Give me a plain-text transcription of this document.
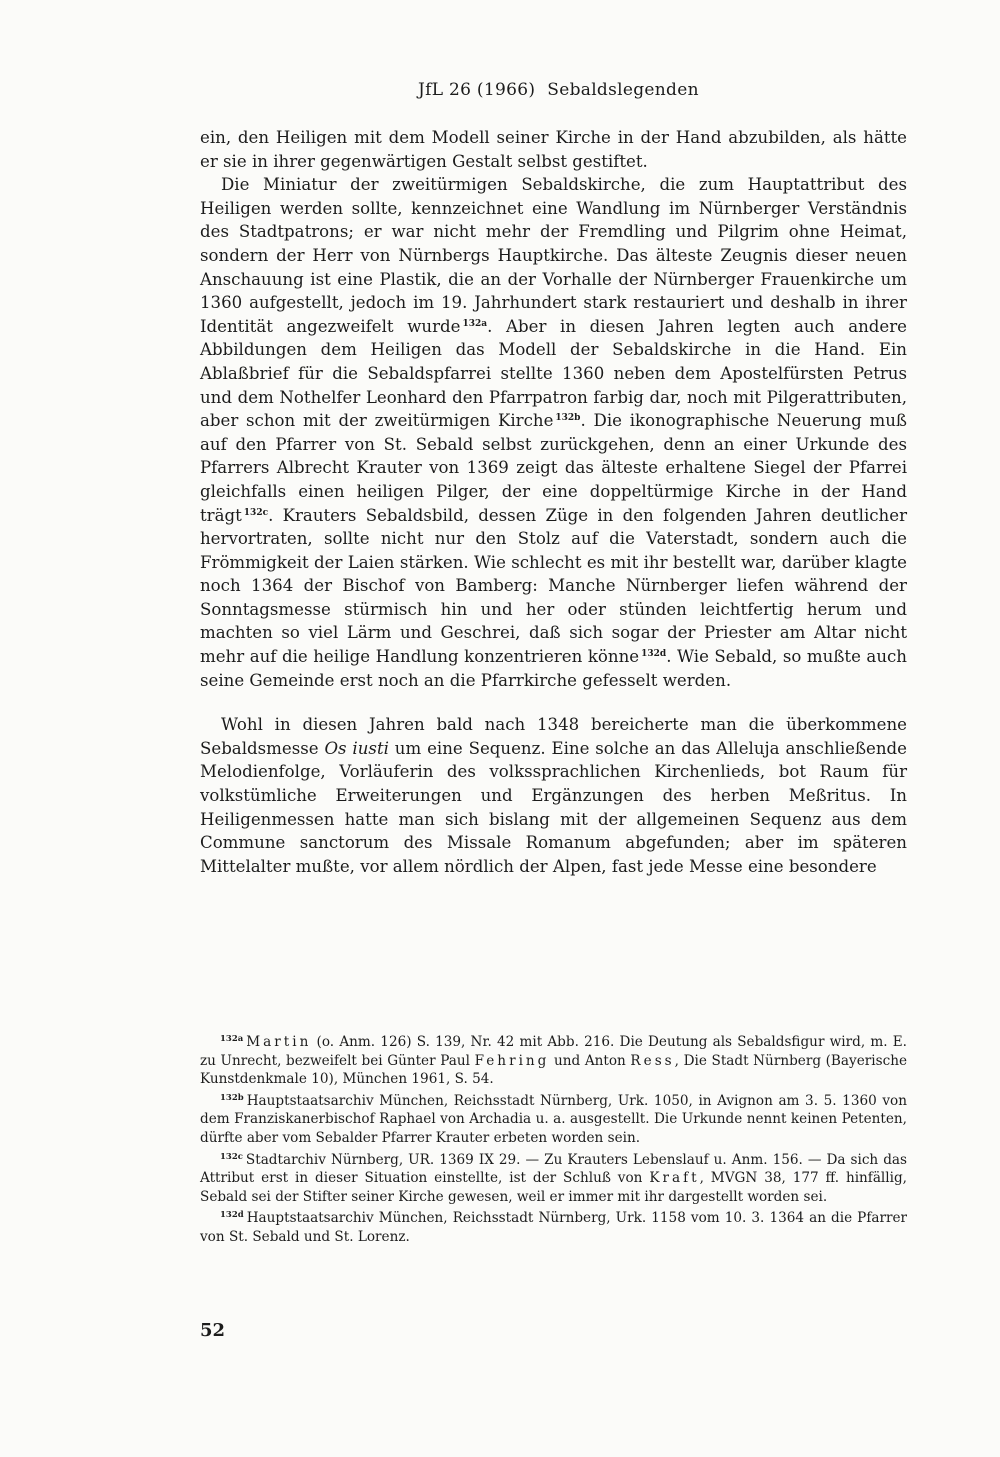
JfL 26 (1966) Sebaldslegenden

ein, den Heiligen mit dem Modell seiner Kirche in der Hand abzubilden, als hätte er sie in ihrer gegenwärtigen Gestalt selbst gestiftet.

Die Miniatur der zweitürmigen Sebaldskirche, die zum Hauptattribut des Heiligen werden sollte, kennzeichnet eine Wandlung im Nürnberger Verständnis des Stadtpatrons; er war nicht mehr der Fremdling und Pilgrim ohne Heimat, sondern der Herr von Nürnbergs Hauptkirche. Das älteste Zeugnis dieser neuen Anschauung ist eine Plastik, die an der Vorhalle der Nürnberger Frauenkirche um 1360 aufgestellt, jedoch im 19. Jahrhundert stark restauriert und deshalb in ihrer Identität angezweifelt wurde $^{132a}$. Aber in diesen Jahren legten auch andere Abbildungen dem Heiligen das Modell der Sebaldskirche in die Hand. Ein Ablaßbrief für die Sebaldspfarrei stellte 1360 neben dem Apostelfürsten Petrus und dem Nothelfer Leonhard den Pfarrpatron farbig dar, noch mit Pilgerattributen, aber schon mit der zweitürmigen Kirche $^{132b}$. Die ikonographische Neuerung muß auf den Pfarrer von St. Sebald selbst zurückgehen, denn an einer Urkunde des Pfarrers Albrecht Krauter von 1369 zeigt das älteste erhaltene Siegel der Pfarrei gleichfalls einen heiligen Pilger, der eine doppeltürmige Kirche in der Hand trägt $^{132c}$. Krauters Sebaldsbild, dessen Züge in den folgenden Jahren deutlicher hervortraten, sollte nicht nur den Stolz auf die Vaterstadt, sondern auch die Frömmigkeit der Laien stärken. Wie schlecht es mit ihr bestellt war, darüber klagte noch 1364 der Bischof von Bamberg: Manche Nürnberger liefen während der Sonntagsmesse stürmisch hin und her oder stünden leichtfertig herum und machten so viel Lärm und Geschrei, daß sich sogar der Priester am Altar nicht mehr auf die heilige Handlung konzentrieren könne $^{132d}$. Wie Sebald, so mußte auch seine Gemeinde erst noch an die Pfarrkirche gefesselt werden.

Wohl in diesen Jahren bald nach 1348 bereicherte man die überkommene Sebaldsmesse Os iusti um eine Sequenz. Eine solche an das Alleluja anschließende Melodienfolge, Vorläuferin des volkssprachlichen Kirchenlieds, bot Raum für volkstümliche Erweiterungen und Ergänzungen des herben Meßritus. In Heiligenmessen hatte man sich bislang mit der allgemeinen Sequenz aus dem Commune sanctorum des Missale Romanum abgefunden; aber im späteren Mittelalter mußte, vor allem nördlich der Alpen, fast jede Messe eine besondere

$^{132a}$ Martin (o. Anm. 126) S. 139, Nr. 42 mit Abb. 216. Die Deutung als Sebaldsfigur wird, m. E. zu Unrecht, bezweifelt bei Günter Paul Fehring und Anton Ress, Die Stadt Nürnberg (Bayerische Kunstdenkmale 10), München 1961, S. 54.

$^{132b}$ Hauptstaatsarchiv München, Reichsstadt Nürnberg, Urk. 1050, in Avignon am 3. 5. 1360 von dem Franziskanerbischof Raphael von Archadia u. a. ausgestellt. Die Urkunde nennt keinen Petenten, dürfte aber vom Sebalder Pfarrer Krauter erbeten worden sein.

$^{132c}$ Stadtarchiv Nürnberg, UR. 1369 IX 29. — Zu Krauters Lebenslauf u. Anm. 156. — Da sich das Attribut erst in dieser Situation einstellte, ist der Schluß von Kraft, MVGN 38, 177 ff. hinfällig, Sebald sei der Stifter seiner Kirche gewesen, weil er immer mit ihr dargestellt worden sei.

$^{132d}$ Hauptstaatsarchiv München, Reichsstadt Nürnberg, Urk. 1158 vom 10. 3. 1364 an die Pfarrer von St. Sebald und St. Lorenz.

52
